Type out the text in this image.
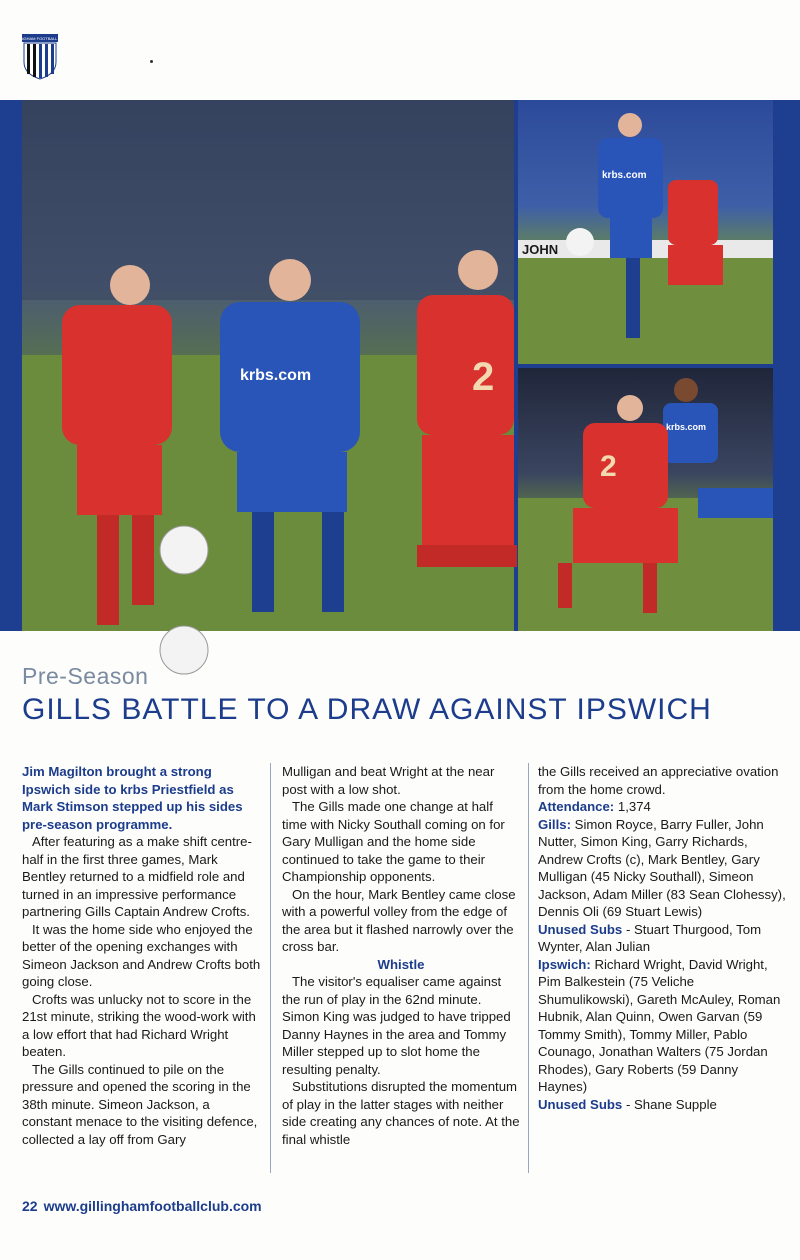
GILLINGHAM FOOTBALL CLUB
krbs.com	2
JOHN
krbs.com
krbs.com
2
Pre-Season
GILLS BATTLE TO A DRAW AGAINST IPSWICH

Jim Magilton brought a strong Ipswich side to krbs Priestfield as Mark Stimson stepped up his sides pre-season programme.

After featuring as a make shift centre-half in the first three games, Mark Bentley returned to a midfield role and turned in an impressive performance partnering Gills Captain Andrew Crofts.

It was the home side who enjoyed the better of the opening exchanges with Simeon Jackson and Andrew Crofts both going close.

Crofts was unlucky not to score in the 21st minute, striking the wood-work with a low effort that had Richard Wright beaten.

The Gills continued to pile on the pressure and opened the scoring in the 38th minute. Simeon Jackson, a constant menace to the visiting defence, collected a lay off from Gary

Mulligan and beat Wright at the near post with a low shot.

The Gills made one change at half time with Nicky Southall coming on for Gary Mulligan and the home side continued to take the game to their Championship opponents.

On the hour, Mark Bentley came close with a powerful volley from the edge of the area but it flashed narrowly over the cross bar.

Whistle

The visitor's equaliser came against the run of play in the 62nd minute. Simon King was judged to have tripped Danny Haynes in the area and Tommy Miller stepped up to slot home the resulting penalty.

Substitutions disrupted the momentum of play in the latter stages with neither side creating any chances of note. At the final whistle

the Gills received an appreciative ovation from the home crowd.

Attendance: 1,374

Gills: Simon Royce, Barry Fuller, John Nutter, Simon King, Garry Richards, Andrew Crofts (c), Mark Bentley, Gary Mulligan (45 Nicky Southall), Simeon Jackson, Adam Miller (83 Sean Clohessy), Dennis Oli (69 Stuart Lewis)

Unused Subs - Stuart Thurgood, Tom Wynter, Alan Julian

Ipswich: Richard Wright, David Wright, Pim Balkestein (75 Veliche Shumulikowski), Gareth McAuley, Roman Hubnik, Alan Quinn, Owen Garvan (59 Tommy Smith), Tommy Miller, Pablo Counago, Jonathan Walters (75 Jordan Rhodes), Gary Roberts (59 Danny Haynes)

Unused Subs - Shane Supple

22 www.gillinghamfootballclub.com
